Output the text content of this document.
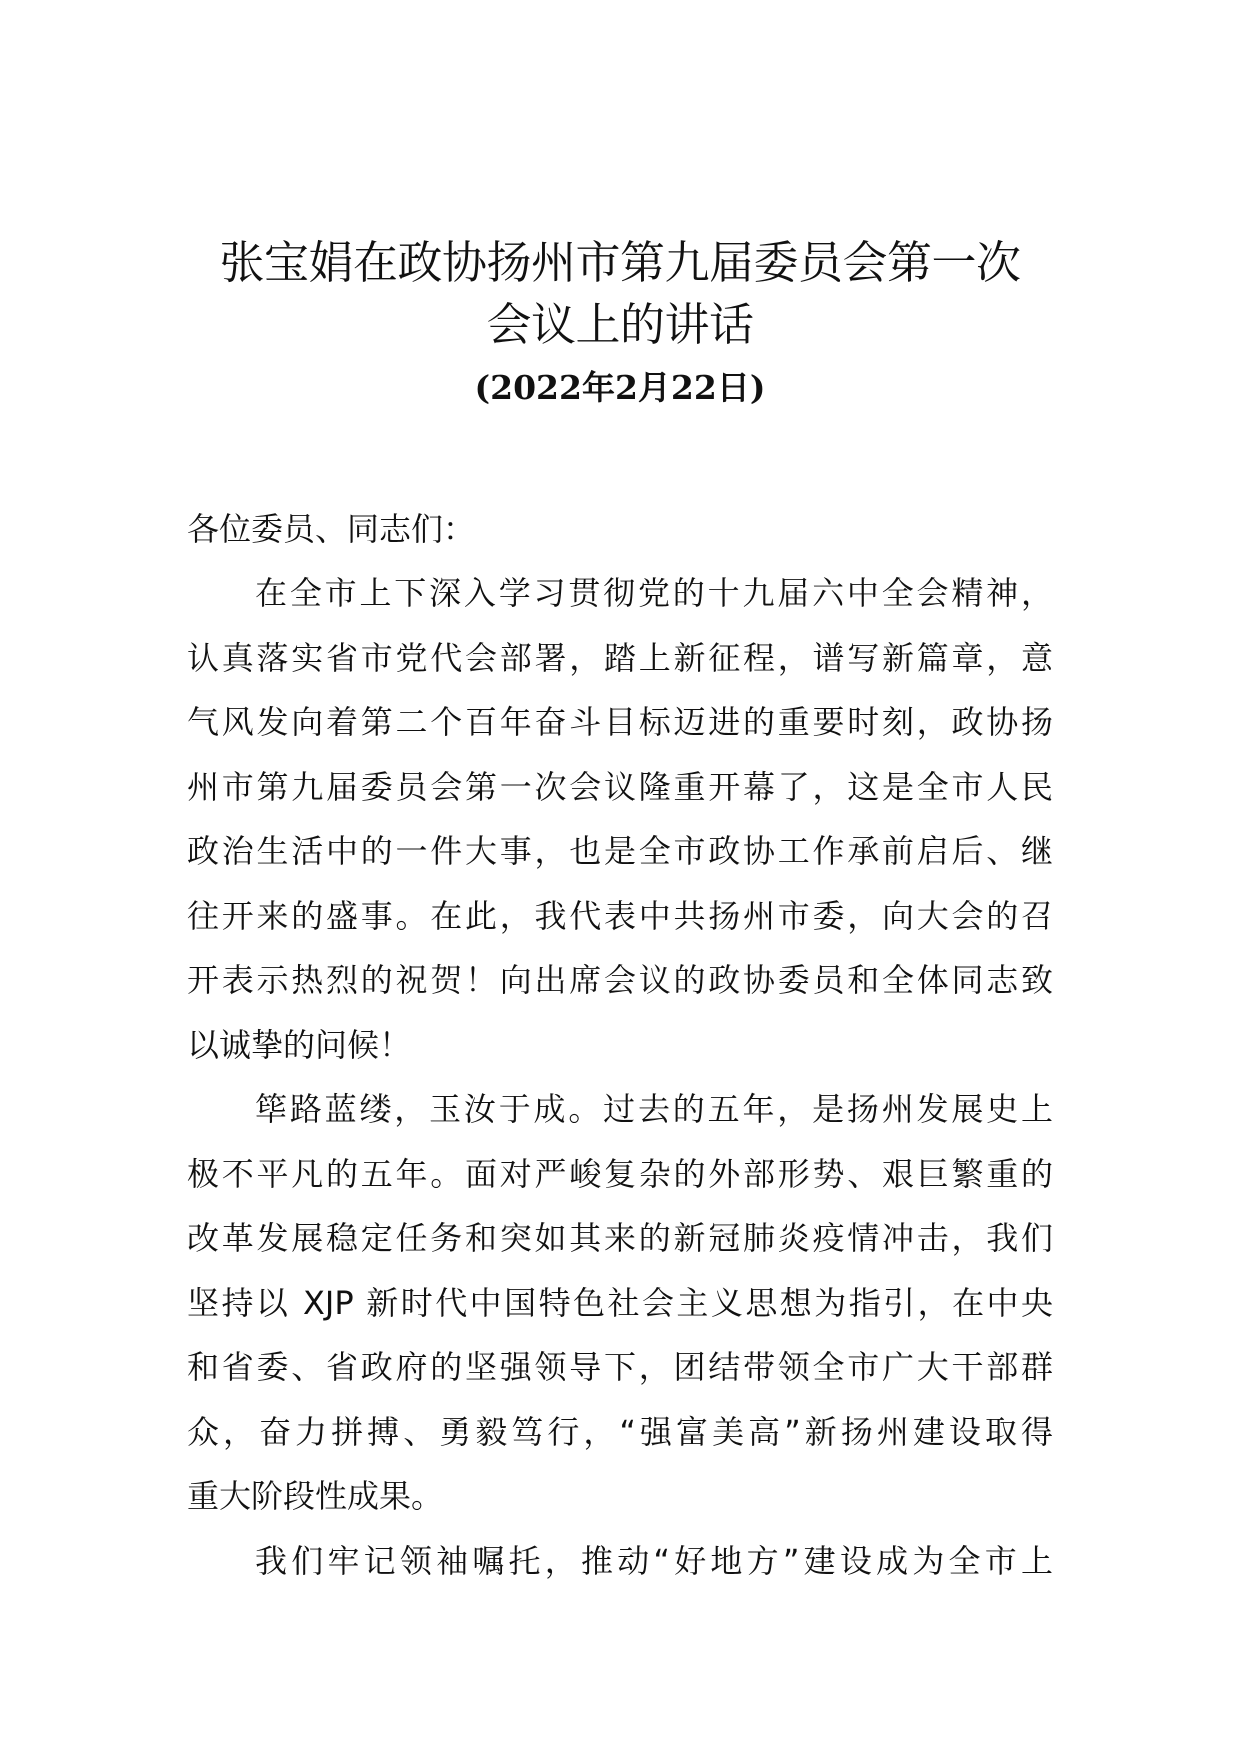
张宝娟在政协扬州市第九届委员会第一次
会议上的讲话
(2022年2月22日)
各位委员、同志们：
在全市上下深入学习贯彻党的十九届六中全会精神，
认真落实省市党代会部署，踏上新征程，谱写新篇章，意
气风发向着第二个百年奋斗目标迈进的重要时刻，政协扬
州市第九届委员会第一次会议隆重开幕了，这是全市人民
政治生活中的一件大事，也是全市政协工作承前启后、继
往开来的盛事。在此，我代表中共扬州市委，向大会的召
开表示热烈的祝贺！向出席会议的政协委员和全体同志致
以诚挚的问候！
筚路蓝缕，玉汝于成。过去的五年，是扬州发展史上
极不平凡的五年。面对严峻复杂的外部形势、艰巨繁重的
改革发展稳定任务和突如其来的新冠肺炎疫情冲击，我们
坚持以 XJP 新时代中国特色社会主义思想为指引，在中央
和省委、省政府的坚强领导下，团结带领全市广大干部群
众，奋力拼搏、勇毅笃行，“强富美高”新扬州建设取得
重大阶段性成果。
我们牢记领袖嘱托，推动“好地方”建设成为全市上
